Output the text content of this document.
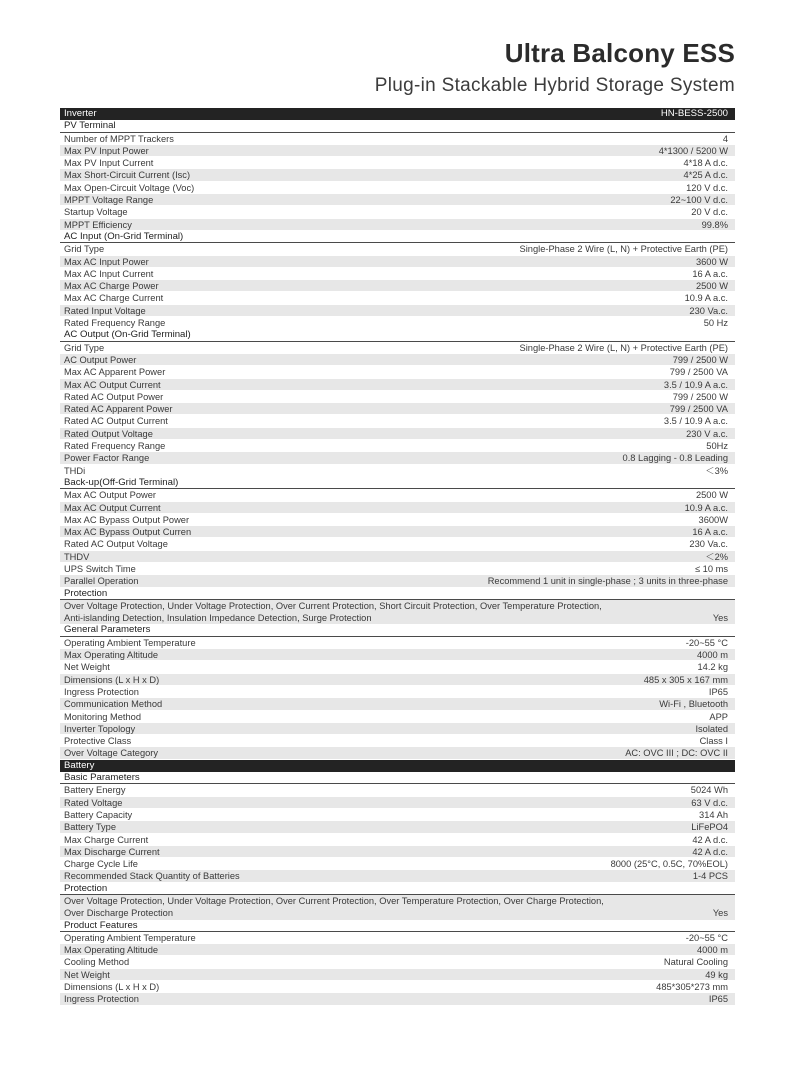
Ultra Balcony ESS
Plug-in Stackable Hybrid Storage System
Inverter	HN-BESS-2500
PV Terminal
Number of MPPT Trackers	4
Max PV Input Power	4*1300 / 5200 W
Max PV Input Current	4*18 A d.c.
Max Short-Circuit Current (Isc)	4*25 A d.c.
Max Open-Circuit Voltage (Voc)	120 V d.c.
MPPT Voltage Range	22~100 V d.c.
Startup Voltage	20 V d.c.
MPPT Efficiency	99.8%
AC Input (On-Grid Terminal)
Grid Type	Single-Phase 2 Wire (L, N) + Protective Earth (PE)
Max AC Input Power	3600 W
Max AC Input Current	16 A a.c.
Max AC Charge Power	2500 W
Max AC Charge Current	10.9 A a.c.
Rated Input Voltage	230 Va.c.
Rated Frequency Range	50 Hz
AC Output (On-Grid Terminal)
Grid Type	Single-Phase 2 Wire (L, N) + Protective Earth (PE)
AC Output Power	799 / 2500 W
Max AC Apparent Power	799 / 2500 VA
Max AC Output Current	3.5 / 10.9 A a.c.
Rated AC Output Power	799 / 2500 W
Rated AC Apparent Power	799 / 2500 VA
Rated AC Output Current	3.5 / 10.9 A a.c.
Rated Output Voltage	230 V a.c.
Rated Frequency Range	50Hz
Power Factor Range	0.8 Lagging - 0.8 Leading
THDi	＜3%
Back-up(Off-Grid Terminal)
Max AC Output Power	2500 W
Max AC Output Current	10.9 A a.c.
Max AC Bypass Output Power	3600W
Max AC Bypass Output Curren	16 A a.c.
Rated AC Output Voltage	230 Va.c.
THDV	＜2%
UPS Switch Time	≤ 10 ms
Parallel Operation	Recommend 1 unit in single-phase ; 3 units in three-phase
Protection
Over Voltage Protection, Under Voltage Protection, Over Current Protection, Short Circuit Protection, Over Temperature Protection,
Anti-islanding Detection, Insulation Impedance Detection, Surge Protection	Yes
General Parameters
Operating Ambient Temperature	-20~55 °C
Max Operating Altitude	4000 m
Net Weight	14.2 kg
Dimensions (L x H x D)	485 x 305 x 167 mm
Ingress Protection	IP65
Communication Method	Wi-Fi , Bluetooth
Monitoring Method	APP
Inverter Topology	Isolated
Protective Class	Class I
Over Voltage Category	AC: OVC III ; DC: OVC II
Battery
Basic Parameters
Battery Energy	5024 Wh
Rated Voltage	63 V d.c.
Battery Capacity	314 Ah
Battery Type	LiFePO4
Max Charge Current	42 A d.c.
Max Discharge Current	42 A d.c.
Charge Cycle Life	8000 (25°C, 0.5C, 70%EOL)
Recommended Stack Quantity of Batteries	1-4 PCS
Protection
Over Voltage Protection, Under Voltage Protection, Over Current Protection, Over Temperature Protection, Over Charge Protection,
Over Discharge Protection	Yes
Product Features
Operating Ambient Temperature	-20~55 °C
Max Operating Altitude	4000 m
Cooling Method	Natural Cooling
Net Weight	49 kg
Dimensions (L x H x D)	485*305*273 mm
Ingress Protection	IP65
